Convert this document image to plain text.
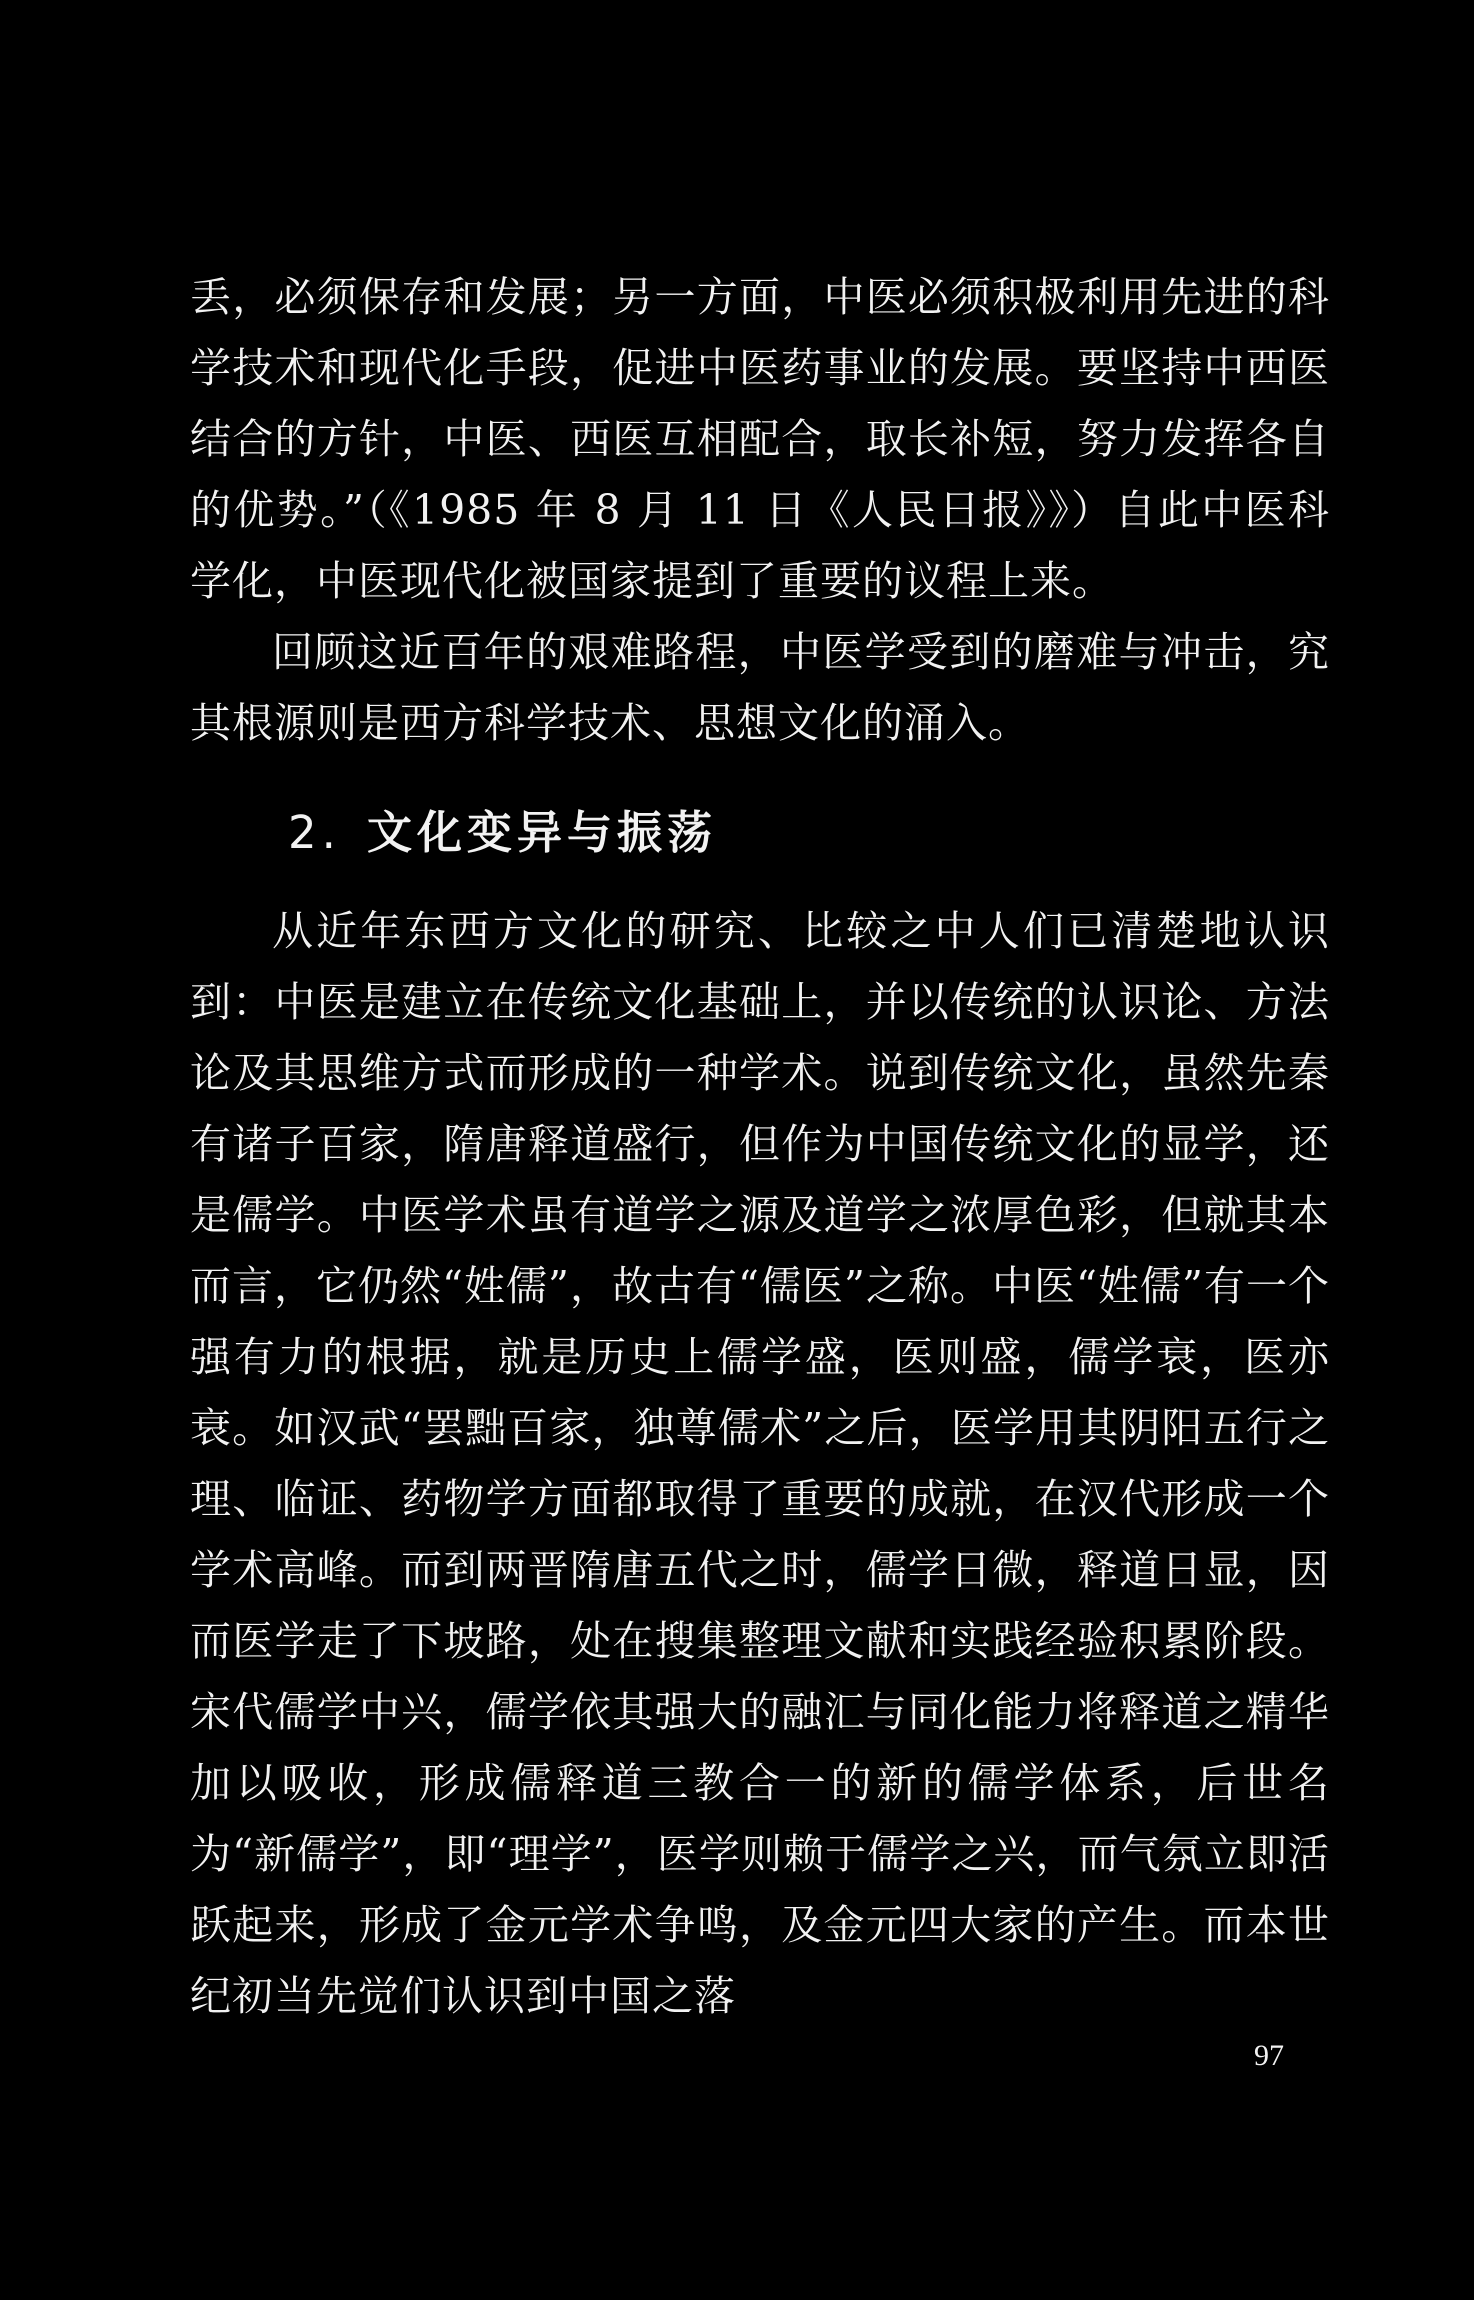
丢，必须保存和发展；另一方面，中医必须积极利用先进的科学技术和现代化手段，促进中医药事业的发展。要坚持中西医结合的方针，中医、西医互相配合，取长补短，努力发挥各自的优势。”（《1985 年 8 月 11 日《人民日报》》）自此中医科学化，中医现代化被国家提到了重要的议程上来。

回顾这近百年的艰难路程，中医学受到的磨难与冲击，究其根源则是西方科学技术、思想文化的涌入。

2. 文化变异与振荡

从近年东西方文化的研究、比较之中人们已清楚地认识到：中医是建立在传统文化基础上，并以传统的认识论、方法论及其思维方式而形成的一种学术。说到传统文化，虽然先秦有诸子百家，隋唐释道盛行，但作为中国传统文化的显学，还是儒学。中医学术虽有道学之源及道学之浓厚色彩，但就其本而言，它仍然“姓儒”，故古有“儒医”之称。中医“姓儒”有一个强有力的根据，就是历史上儒学盛，医则盛，儒学衰，医亦衰。如汉武“罢黜百家，独尊儒术”之后，医学用其阴阳五行之理、临证、药物学方面都取得了重要的成就，在汉代形成一个学术高峰。而到两晋隋唐五代之时，儒学日微，释道日显，因而医学走了下坡路，处在搜集整理文献和实践经验积累阶段。宋代儒学中兴，儒学依其强大的融汇与同化能力将释道之精华加以吸收，形成儒释道三教合一的新的儒学体系，后世名为“新儒学”，即“理学”，医学则赖于儒学之兴，而气氛立即活跃起来，形成了金元学术争鸣，及金元四大家的产生。而本世纪初当先觉们认识到中国之落

97
